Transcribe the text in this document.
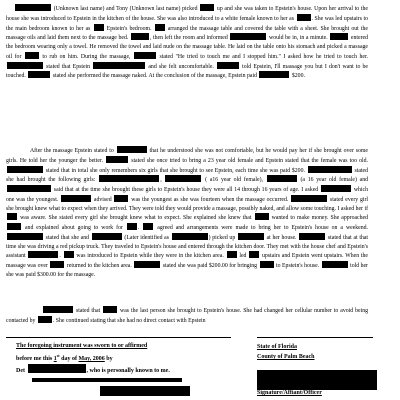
(Unknown last name) and Tony (Unknown last name) picked	up and she was taken to Epstein's house. Upon her arrival to the house she was introduced to Epstein in the kitchen of the house. She was also introduced to a white female known to her as	. She was led upstairs to the main bedroom known to her as  Epstein's bedroom.  arranged the massage table and covered the table with a sheet. She brought out the massage oils and laid them next to the massage bed.	, then left the room and informed	would be in, in a minute.	entered the bedroom wearing only a towel. He removed the towel and laid nude on the massage table. He laid on the table onto his stomach and picked a massage oil for	to rub on him. During the massage,	stated "He tried to touch me and I stopped him." I asked how he tried to touch her.  stated that Epstein	and she felt uncomfortable.	told Epstein, I'll massage you but I don't want to be touched.	stated she performed the massage naked. At the conclusion of the massage, Epstein paid	$200.

After the massage Epstein stated to	that he understood she was not comfortable, but he would pay her if she brought over some girls. He told her the younger the better.	stated she once tried to bring a 23 year old female and Epstein stated that the female was too old.  stated that in total she only remembers six girls that she brought to see Epstein, each time she was paid $200.	stated she had brought the following girls:	,	( a16 year old female),	(a 16 year old female) and  said that at the time she brought these girls to Epstein's house they were all 14 through 16 years of age. I asked	which one was the youngest.	advised	was the youngest as she was fourteen when the massage occurred.	stated every girl she brought knew what to expect when they arrived. They were told they would provide a massage, possibly naked, and allow some touching. I asked her if  was aware. She stated every girl she brought knew what to expect. She explained she knew that	wanted to make money. She approached  and explained about going to work for .  agreed and arrangements were made to bring her to Epstein's house on a weekend.  stated that she and	(Later identified as	) picked up	at her house.	stated that at that time she was driving a red pickup truck. They traveled to Epstein's house and entered through the kitchen door. They met with the house chef and Epstein's assistant	.  was introduced to Epstein while they were in the kitchen area.  led  upstairs and Epstein went upstairs. When the massage was over	returned to the kitchen area.	stated she was paid $200.00 for bringing	to Epstein's house.	told her she was paid $300.00 for the massage.

stated that	was the last person she brought to Epstein's house. She had changed her cellular number to avoid being contacted by	. She continued stating that she had no direct contact with Epstein

The foregoing instrument was sworn to or affirmed
before me this 1st day of May, 2006 by
Det	, who is personally known to me.
State of Florida
County of Palm Beach
Signature/Affiant/Officer
